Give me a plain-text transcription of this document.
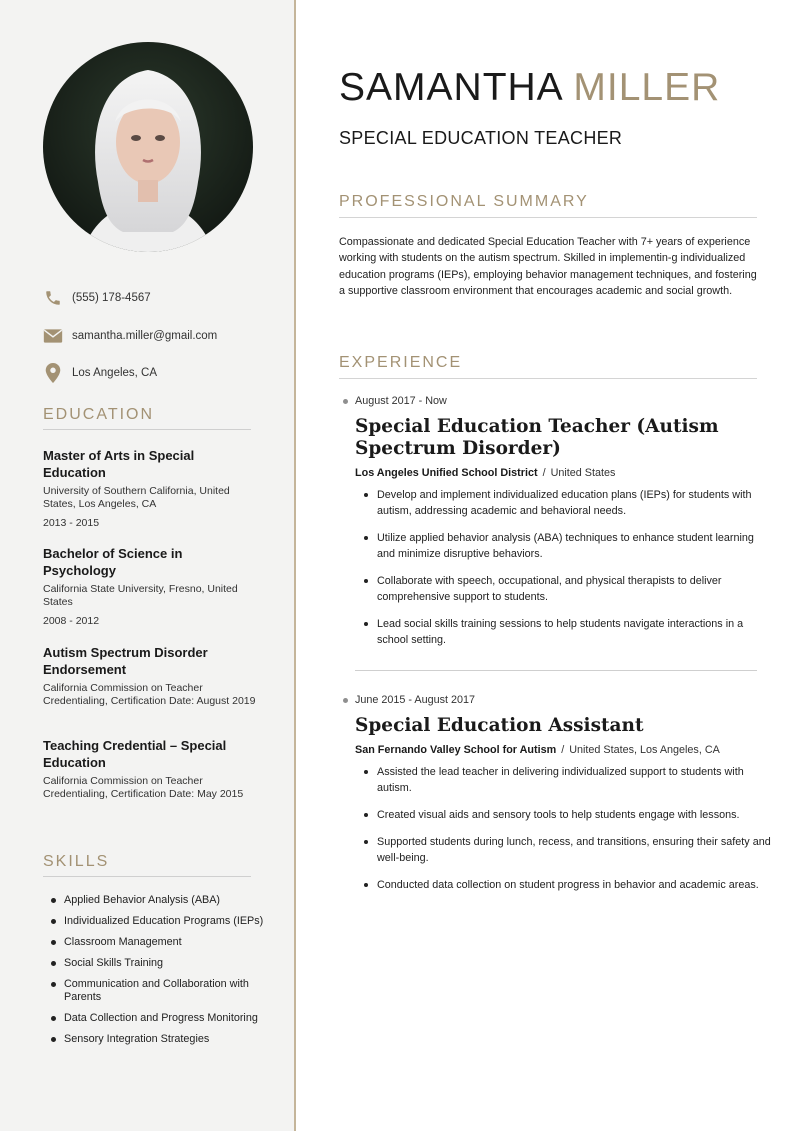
(555) 178-4567
samantha.miller@gmail.com
Los Angeles, CA
EDUCATION
Master of Arts in Special Education
University of Southern California, United States, Los Angeles, CA
2013 - 2015
Bachelor of Science in Psychology
California State University, Fresno, United States
2008 - 2012
Autism Spectrum Disorder Endorsement
California Commission on Teacher Credentialing, Certification Date: August 2019
Teaching Credential – Special Education
California Commission on Teacher Credentialing, Certification Date: May 2015
SKILLS
Applied Behavior Analysis (ABA)
Individualized Education Programs (IEPs)
Classroom Management
Social Skills Training
Communication and Collaboration with Parents
Data Collection and Progress Monitoring
Sensory Integration Strategies
SAMANTHA MILLER
SPECIAL EDUCATION TEACHER
PROFESSIONAL SUMMARY
Compassionate and dedicated Special Education Teacher with 7+ years of experience working with students on the autism spectrum. Skilled in implementin-g individualized education programs (IEPs), employing behavior management techniques, and fostering a supportive classroom environment that encourages academic and social growth.
EXPERIENCE
August 2017 - Now
Special Education Teacher (Autism Spectrum Disorder)
Los Angeles Unified School District / United States
Develop and implement individualized education plans (IEPs) for students with autism, addressing academic and behavioral needs.
Utilize applied behavior analysis (ABA) techniques to enhance student learning and minimize disruptive behaviors.
Collaborate with speech, occupational, and physical therapists to deliver comprehensive support to students.
Lead social skills training sessions to help students navigate interactions in a school setting.
June 2015 - August 2017
Special Education Assistant
San Fernando Valley School for Autism / United States, Los Angeles, CA
Assisted the lead teacher in delivering individualized support to students with autism.
Created visual aids and sensory tools to help students engage with lessons.
Supported students during lunch, recess, and transitions, ensuring their safety and well-being.
Conducted data collection on student progress in behavior and academic areas.
